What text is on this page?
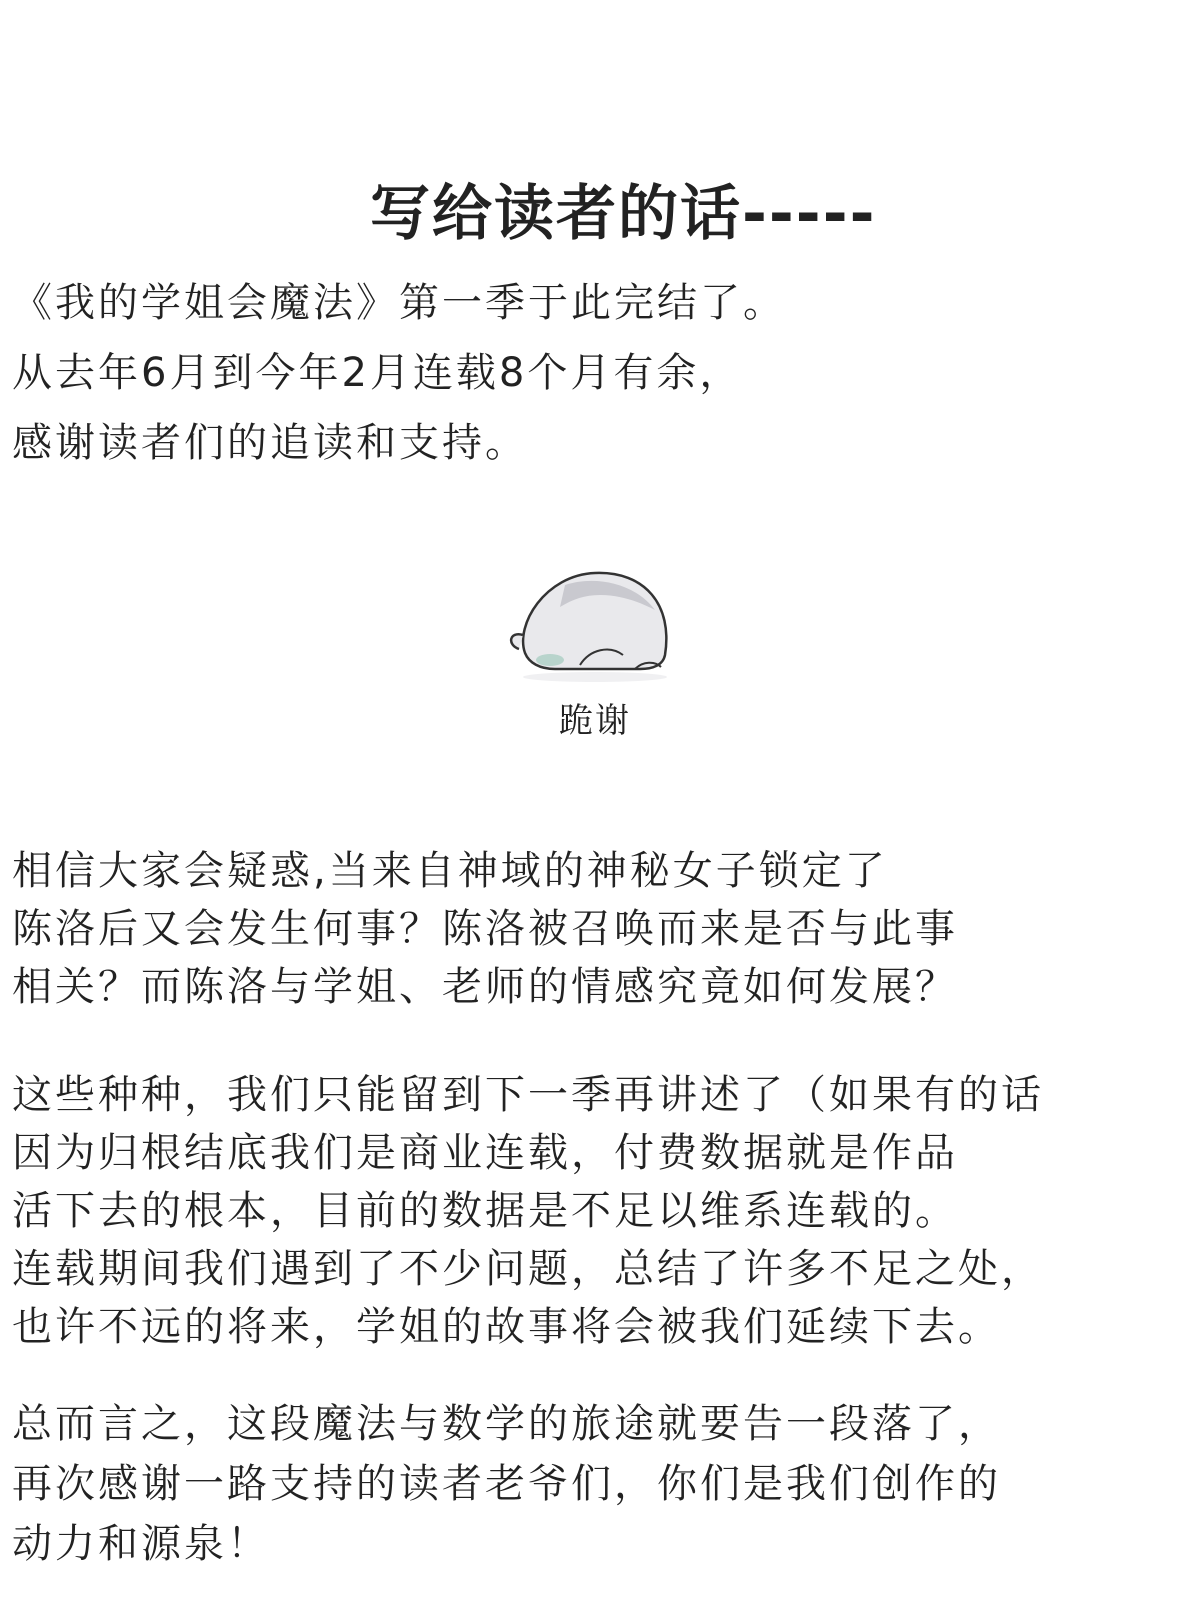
写给读者的话-----
《我的学姐会魔法》第一季于此完结了。
从去年6月到今年2月连载8个月有余，
感谢读者们的追读和支持。
跪谢
相信大家会疑惑,当来自神域的神秘女子锁定了
陈洛后又会发生何事？陈洛被召唤而来是否与此事
相关？而陈洛与学姐、老师的情感究竟如何发展？
这些种种，我们只能留到下一季再讲述了（如果有的话
因为归根结底我们是商业连载，付费数据就是作品
活下去的根本，目前的数据是不足以维系连载的。
连载期间我们遇到了不少问题，总结了许多不足之处，
也许不远的将来，学姐的故事将会被我们延续下去。
总而言之，这段魔法与数学的旅途就要告一段落了，
再次感谢一路支持的读者老爷们，你们是我们创作的
动力和源泉！
